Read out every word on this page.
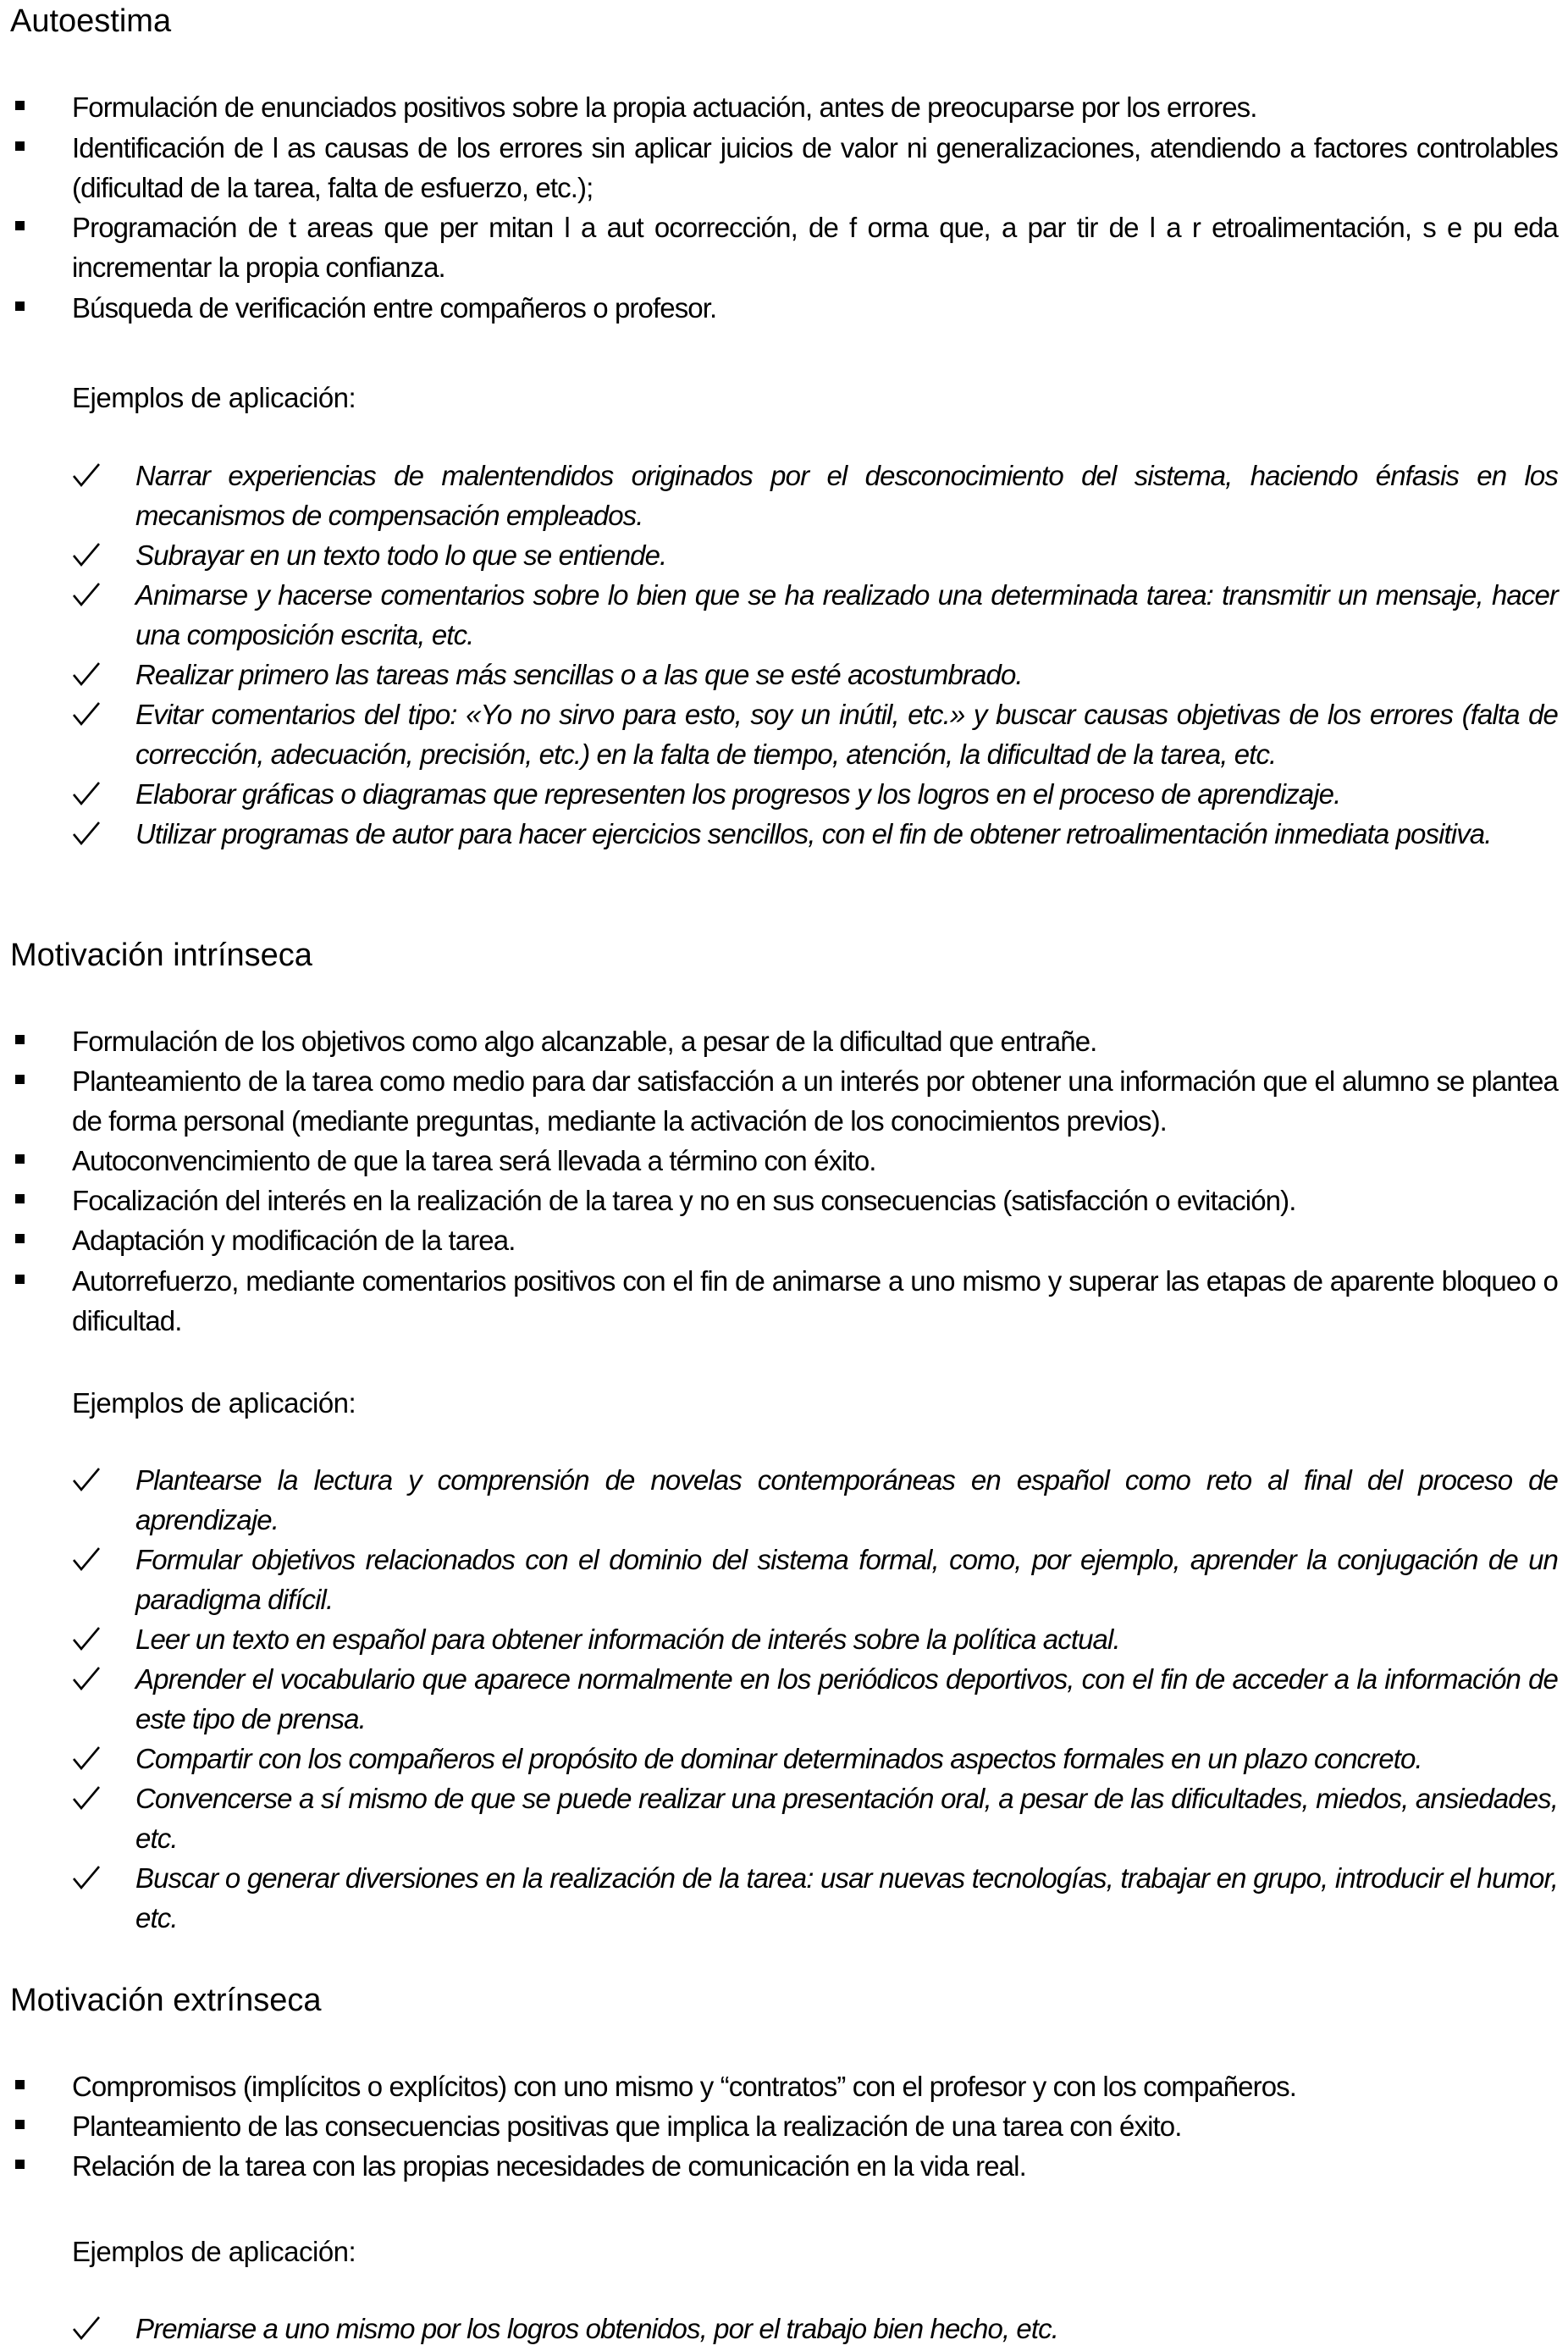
Autoestima
Formulación de enunciados positivos sobre la propia actuación, antes de preocuparse por los errores.
Identificación de l as causas de los errores sin aplicar juicios de valor ni generalizaciones, atendiendo a factores controlables (dificultad de la tarea, falta de esfuerzo, etc.);
Programación de t areas que per mitan l a aut ocorrección, de f orma que, a par tir de l a r etroalimentación, s e pu eda incrementar la propia confianza.
Búsqueda de verificación entre compañeros o profesor.
Ejemplos de aplicación:
Narrar experiencias de malentendidos originados por el desconocimiento del sistema, haciendo énfasis en los mecanismos de compensación empleados.
Subrayar en un texto todo lo que se entiende.
Animarse y hacerse comentarios sobre lo bien que se ha realizado una determinada tarea: transmitir un mensaje, hacer una composición escrita, etc.
Realizar primero las tareas más sencillas o a las que se esté acostumbrado.
Evitar comentarios del tipo: «Yo no sirvo para esto, soy un inútil, etc.» y buscar causas objetivas de los errores (falta de corrección, adecuación, precisión, etc.) en la falta de tiempo, atención, la dificultad de la tarea, etc.
Elaborar gráficas o diagramas que representen los progresos y los logros en el proceso de aprendizaje.
Utilizar programas de autor para hacer ejercicios sencillos, con el fin de obtener retroalimentación inmediata positiva.
Motivación intrínseca
Formulación de los objetivos como algo alcanzable, a pesar de la dificultad que entrañe.
Planteamiento de la tarea como medio para dar satisfacción a un interés por obtener una información que el alumno se plantea de forma personal (mediante preguntas, mediante la activación de los conocimientos previos).
Autoconvencimiento de que la tarea será llevada a término con éxito.
Focalización del interés en la realización de la tarea y no en sus consecuencias (satisfacción o evitación).
Adaptación y modificación de la tarea.
Autorrefuerzo, mediante comentarios positivos con el fin de animarse a uno mismo y superar las etapas de aparente bloqueo o dificultad.
Ejemplos de aplicación:
Plantearse la lectura y comprensión de novelas contemporáneas en español como reto al final del proceso de aprendizaje.
Formular objetivos relacionados con el dominio del sistema formal, como, por ejemplo, aprender la conjugación de un paradigma difícil.
Leer un texto en español para obtener información de interés sobre la política actual.
Aprender el vocabulario que aparece normalmente en los periódicos deportivos, con el fin de acceder a la información de este tipo de prensa.
Compartir con los compañeros el propósito de dominar determinados aspectos formales en un plazo concreto.
Convencerse a sí mismo de que se puede realizar una presentación oral, a pesar de las dificultades, miedos, ansiedades, etc.
Buscar o generar diversiones en la realización de la tarea: usar nuevas tecnologías, trabajar en grupo, introducir el humor, etc.
Motivación extrínseca
Compromisos (implícitos o explícitos) con uno mismo y “contratos” con el profesor y con los compañeros.
Planteamiento de las consecuencias positivas que implica la realización de una tarea con éxito.
Relación de la tarea con las propias necesidades de comunicación en la vida real.
Ejemplos de aplicación:
Premiarse a uno mismo por los logros obtenidos, por el trabajo bien hecho, etc.
